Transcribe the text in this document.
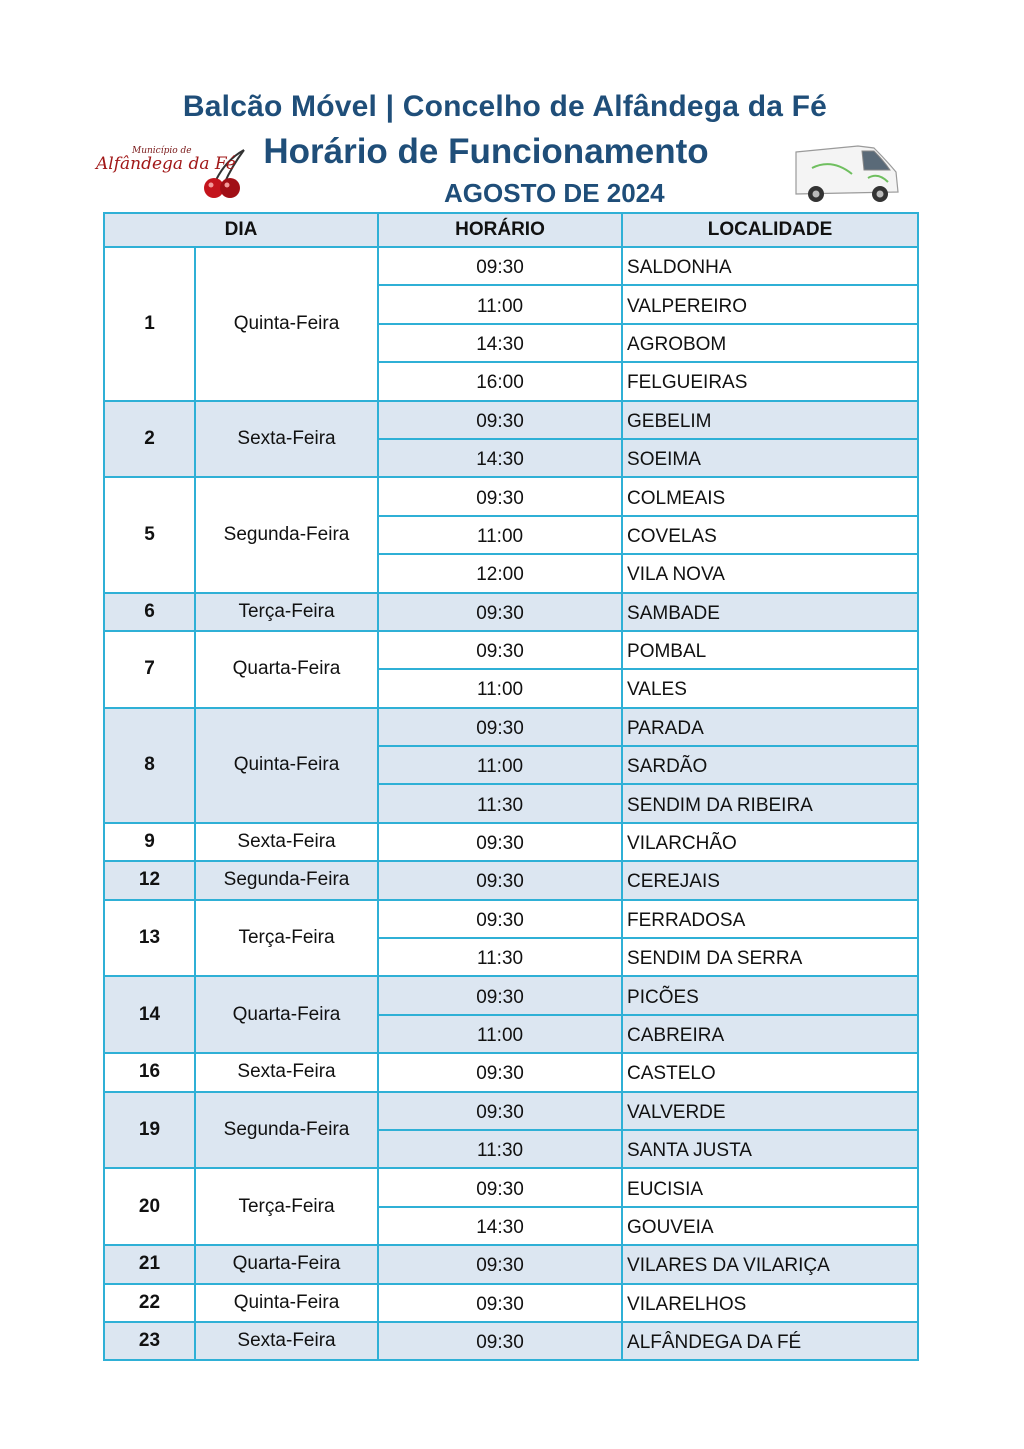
Balcão Móvel | Concelho de Alfândega da Fé
Horário de Funcionamento
AGOSTO DE 2024
Município de
Alfândega da Fé
DIA		HORÁRIO	LOCALIDADE
1	Quinta-Feira	09:30	SALDONHA
		11:00	VALPEREIRO
		14:30	AGROBOM
		16:00	FELGUEIRAS
2	Sexta-Feira	09:30	GEBELIM
		14:30	SOEIMA
5	Segunda-Feira	09:30	COLMEAIS
		11:00	COVELAS
		12:00	VILA NOVA
6	Terça-Feira	09:30	SAMBADE
7	Quarta-Feira	09:30	POMBAL
		11:00	VALES
8	Quinta-Feira	09:30	PARADA
		11:00	SARDÃO
		11:30	SENDIM DA RIBEIRA
9	Sexta-Feira	09:30	VILARCHÃO
12	Segunda-Feira	09:30	CEREJAIS
13	Terça-Feira	09:30	FERRADOSA
		11:30	SENDIM DA SERRA
14	Quarta-Feira	09:30	PICÕES
		11:00	CABREIRA
16	Sexta-Feira	09:30	CASTELO
19	Segunda-Feira	09:30	VALVERDE
		11:30	SANTA JUSTA
20	Terça-Feira	09:30	EUCISIA
		14:30	GOUVEIA
21	Quarta-Feira	09:30	VILARES DA VILARIÇA
22	Quinta-Feira	09:30	VILARELHOS
23	Sexta-Feira	09:30	ALFÂNDEGA DA FÉ
